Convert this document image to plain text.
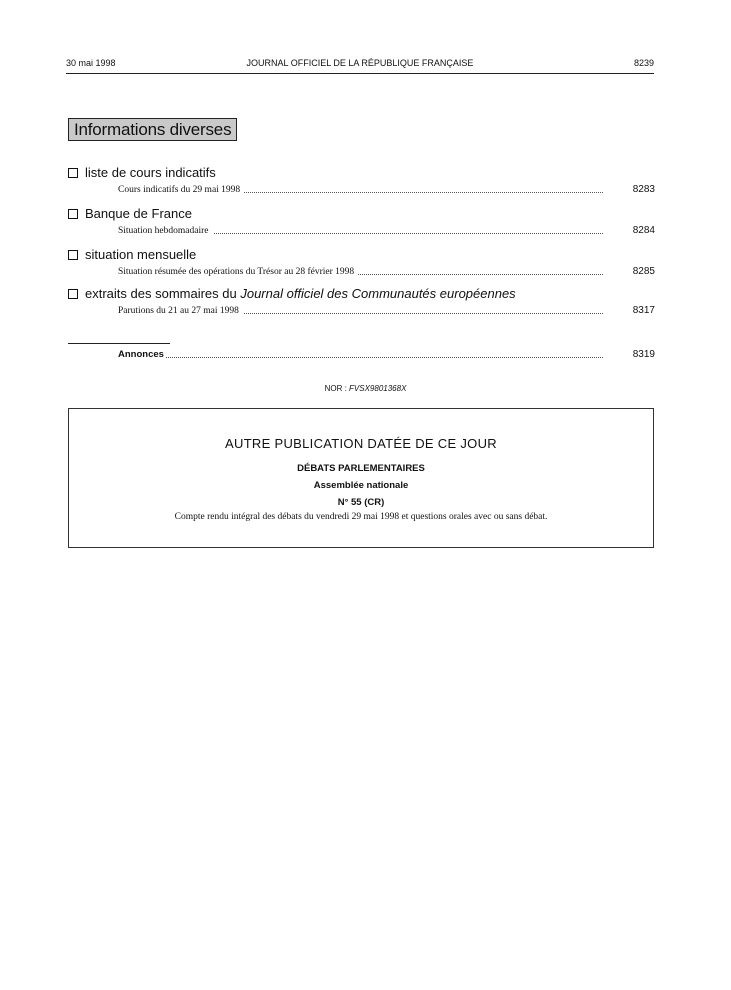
30 mai 1998	JOURNAL OFFICIEL DE LA RÉPUBLIQUE FRANÇAISE	8239
Informations diverses
liste de cours indicatifs
Cours indicatifs du 29 mai 1998	8283
Banque de France
Situation hebdomadaire	8284
situation mensuelle
Situation résumée des opérations du Trésor au 28 février 1998	8285
extraits des sommaires du Journal officiel des Communautés européennes
Parutions du 21 au 27 mai 1998	8317
Annonces	8319
NOR : FVSX9801368X
AUTRE PUBLICATION DATÉE DE CE JOUR
DÉBATS PARLEMENTAIRES
Assemblée nationale
N° 55 (CR)
Compte rendu intégral des débats du vendredi 29 mai 1998 et questions orales avec ou sans débat.
